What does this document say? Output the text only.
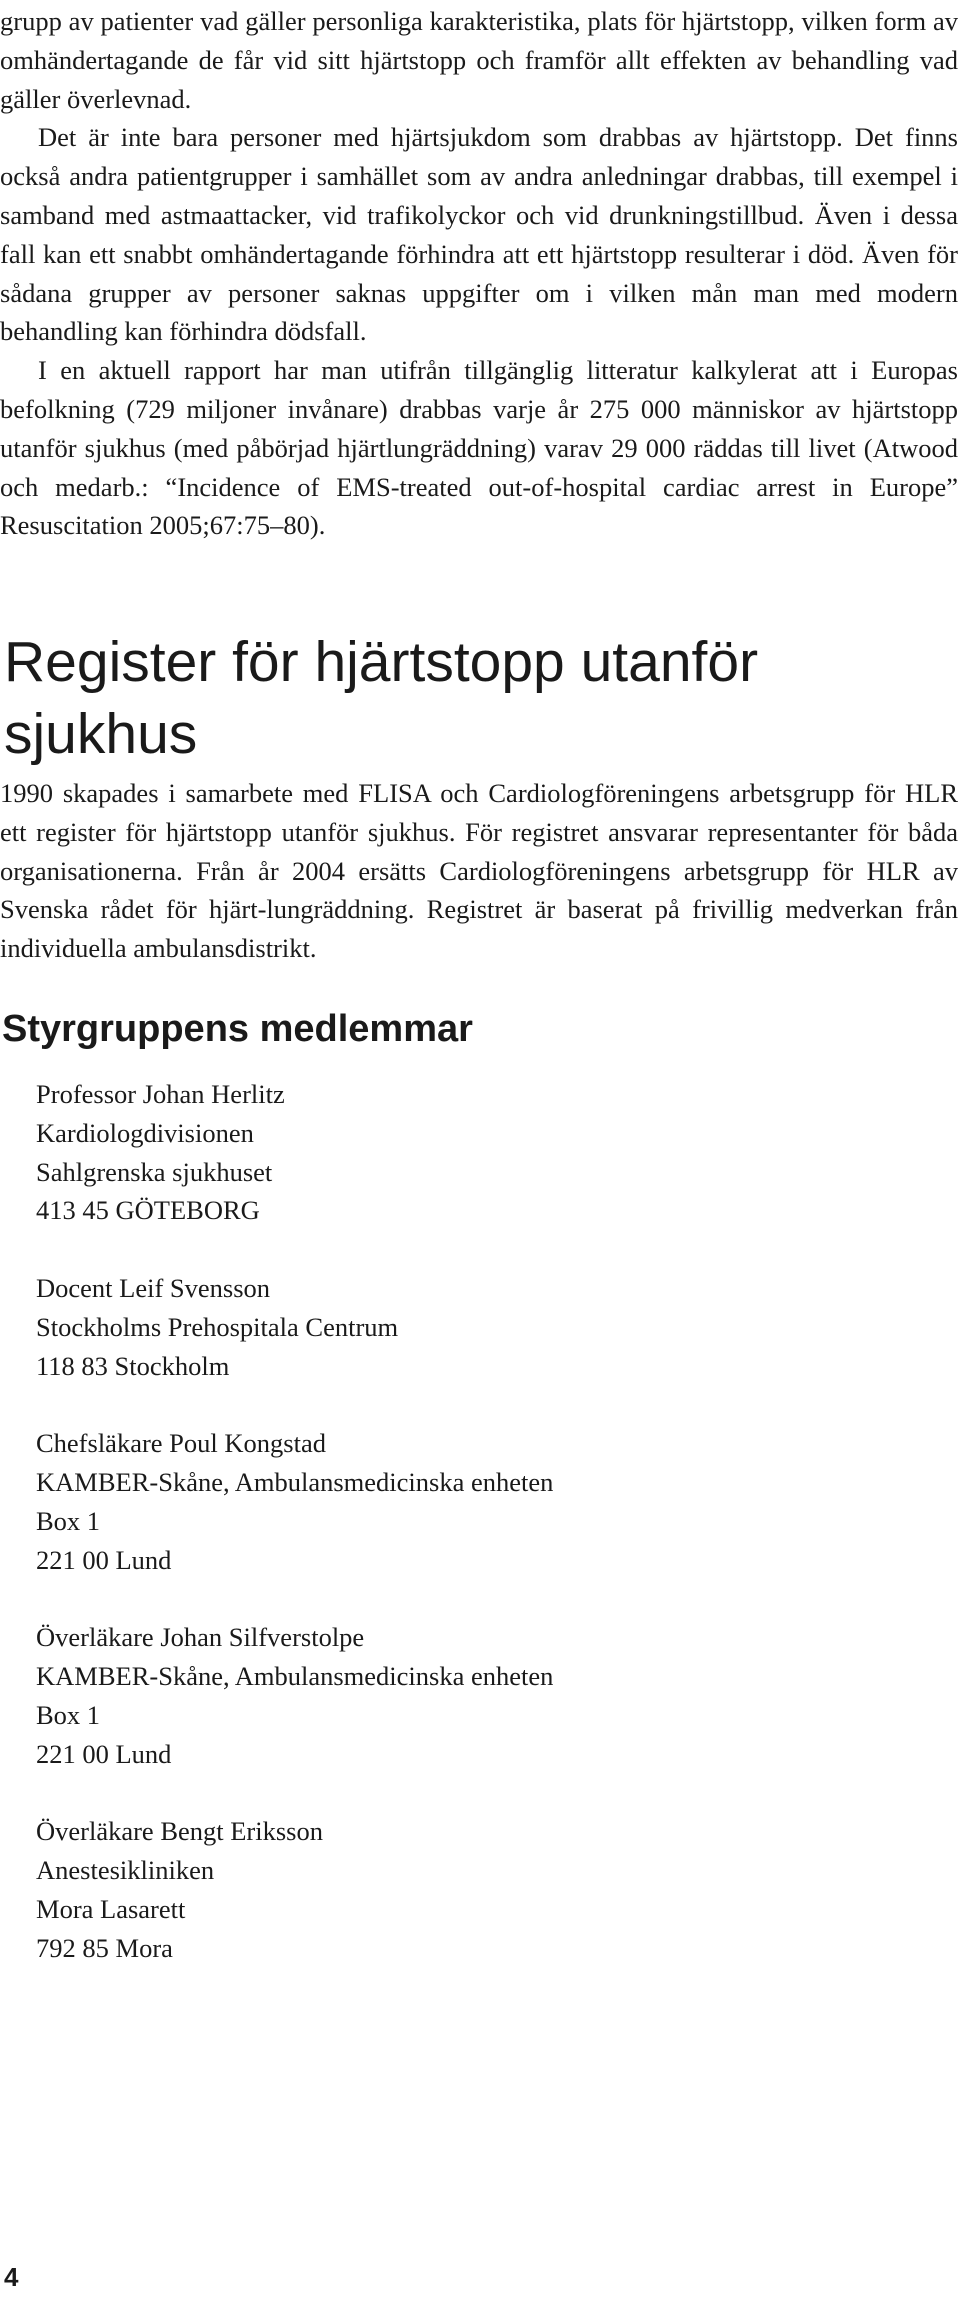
grupp av patienter vad gäller personliga karakteristika, plats för hjärtstopp, vilken form av omhändertagande de får vid sitt hjärtstopp och framför allt effekten av behandling vad gäller överlevnad.

Det är inte bara personer med hjärtsjukdom som drabbas av hjärtstopp. Det finns också andra patientgrupper i samhället som av andra anledningar drabbas, till exempel i samband med astmaattacker, vid trafikolyckor och vid drunkningstillbud. Även i dessa fall kan ett snabbt omhändertagande förhindra att ett hjärtstopp resulterar i död. Även för sådana grupper av personer saknas uppgifter om i vilken mån man med modern behandling kan förhindra dödsfall.

I en aktuell rapport har man utifrån tillgänglig litteratur kalkylerat att i Europas befolkning (729 miljoner invånare) drabbas varje år 275 000 människor av hjärtstopp utanför sjukhus (med påbörjad hjärtlungräddning) varav 29 000 räddas till livet (Atwood och medarb.: “Incidence of EMS-treated out-of-hospital cardiac arrest in Europe” Resuscitation 2005;67:75–80).

Register för hjärtstopp utanför sjukhus

1990 skapades i samarbete med FLISA och Cardiologföreningens arbetsgrupp för HLR ett register för hjärtstopp utanför sjukhus. För registret ansvarar representanter för båda organisationerna. Från år 2004 ersätts Cardiologföreningens arbetsgrupp för HLR av Svenska rådet för hjärt-lungräddning. Registret är baserat på frivillig medverkan från individuella ambulansdistrikt.

Styrgruppens medlemmar
Professor Johan Herlitz
Kardiologdivisionen
Sahlgrenska sjukhuset
413 45 GÖTEBORG
Docent Leif Svensson
Stockholms Prehospitala Centrum
118 83 Stockholm
Chefsläkare Poul Kongstad
KAMBER-Skåne, Ambulansmedicinska enheten
Box 1
221 00 Lund
Överläkare Johan Silfverstolpe
KAMBER-Skåne, Ambulansmedicinska enheten
Box 1
221 00 Lund
Överläkare Bengt Eriksson
Anestesikliniken
Mora Lasarett
792 85 Mora
4
